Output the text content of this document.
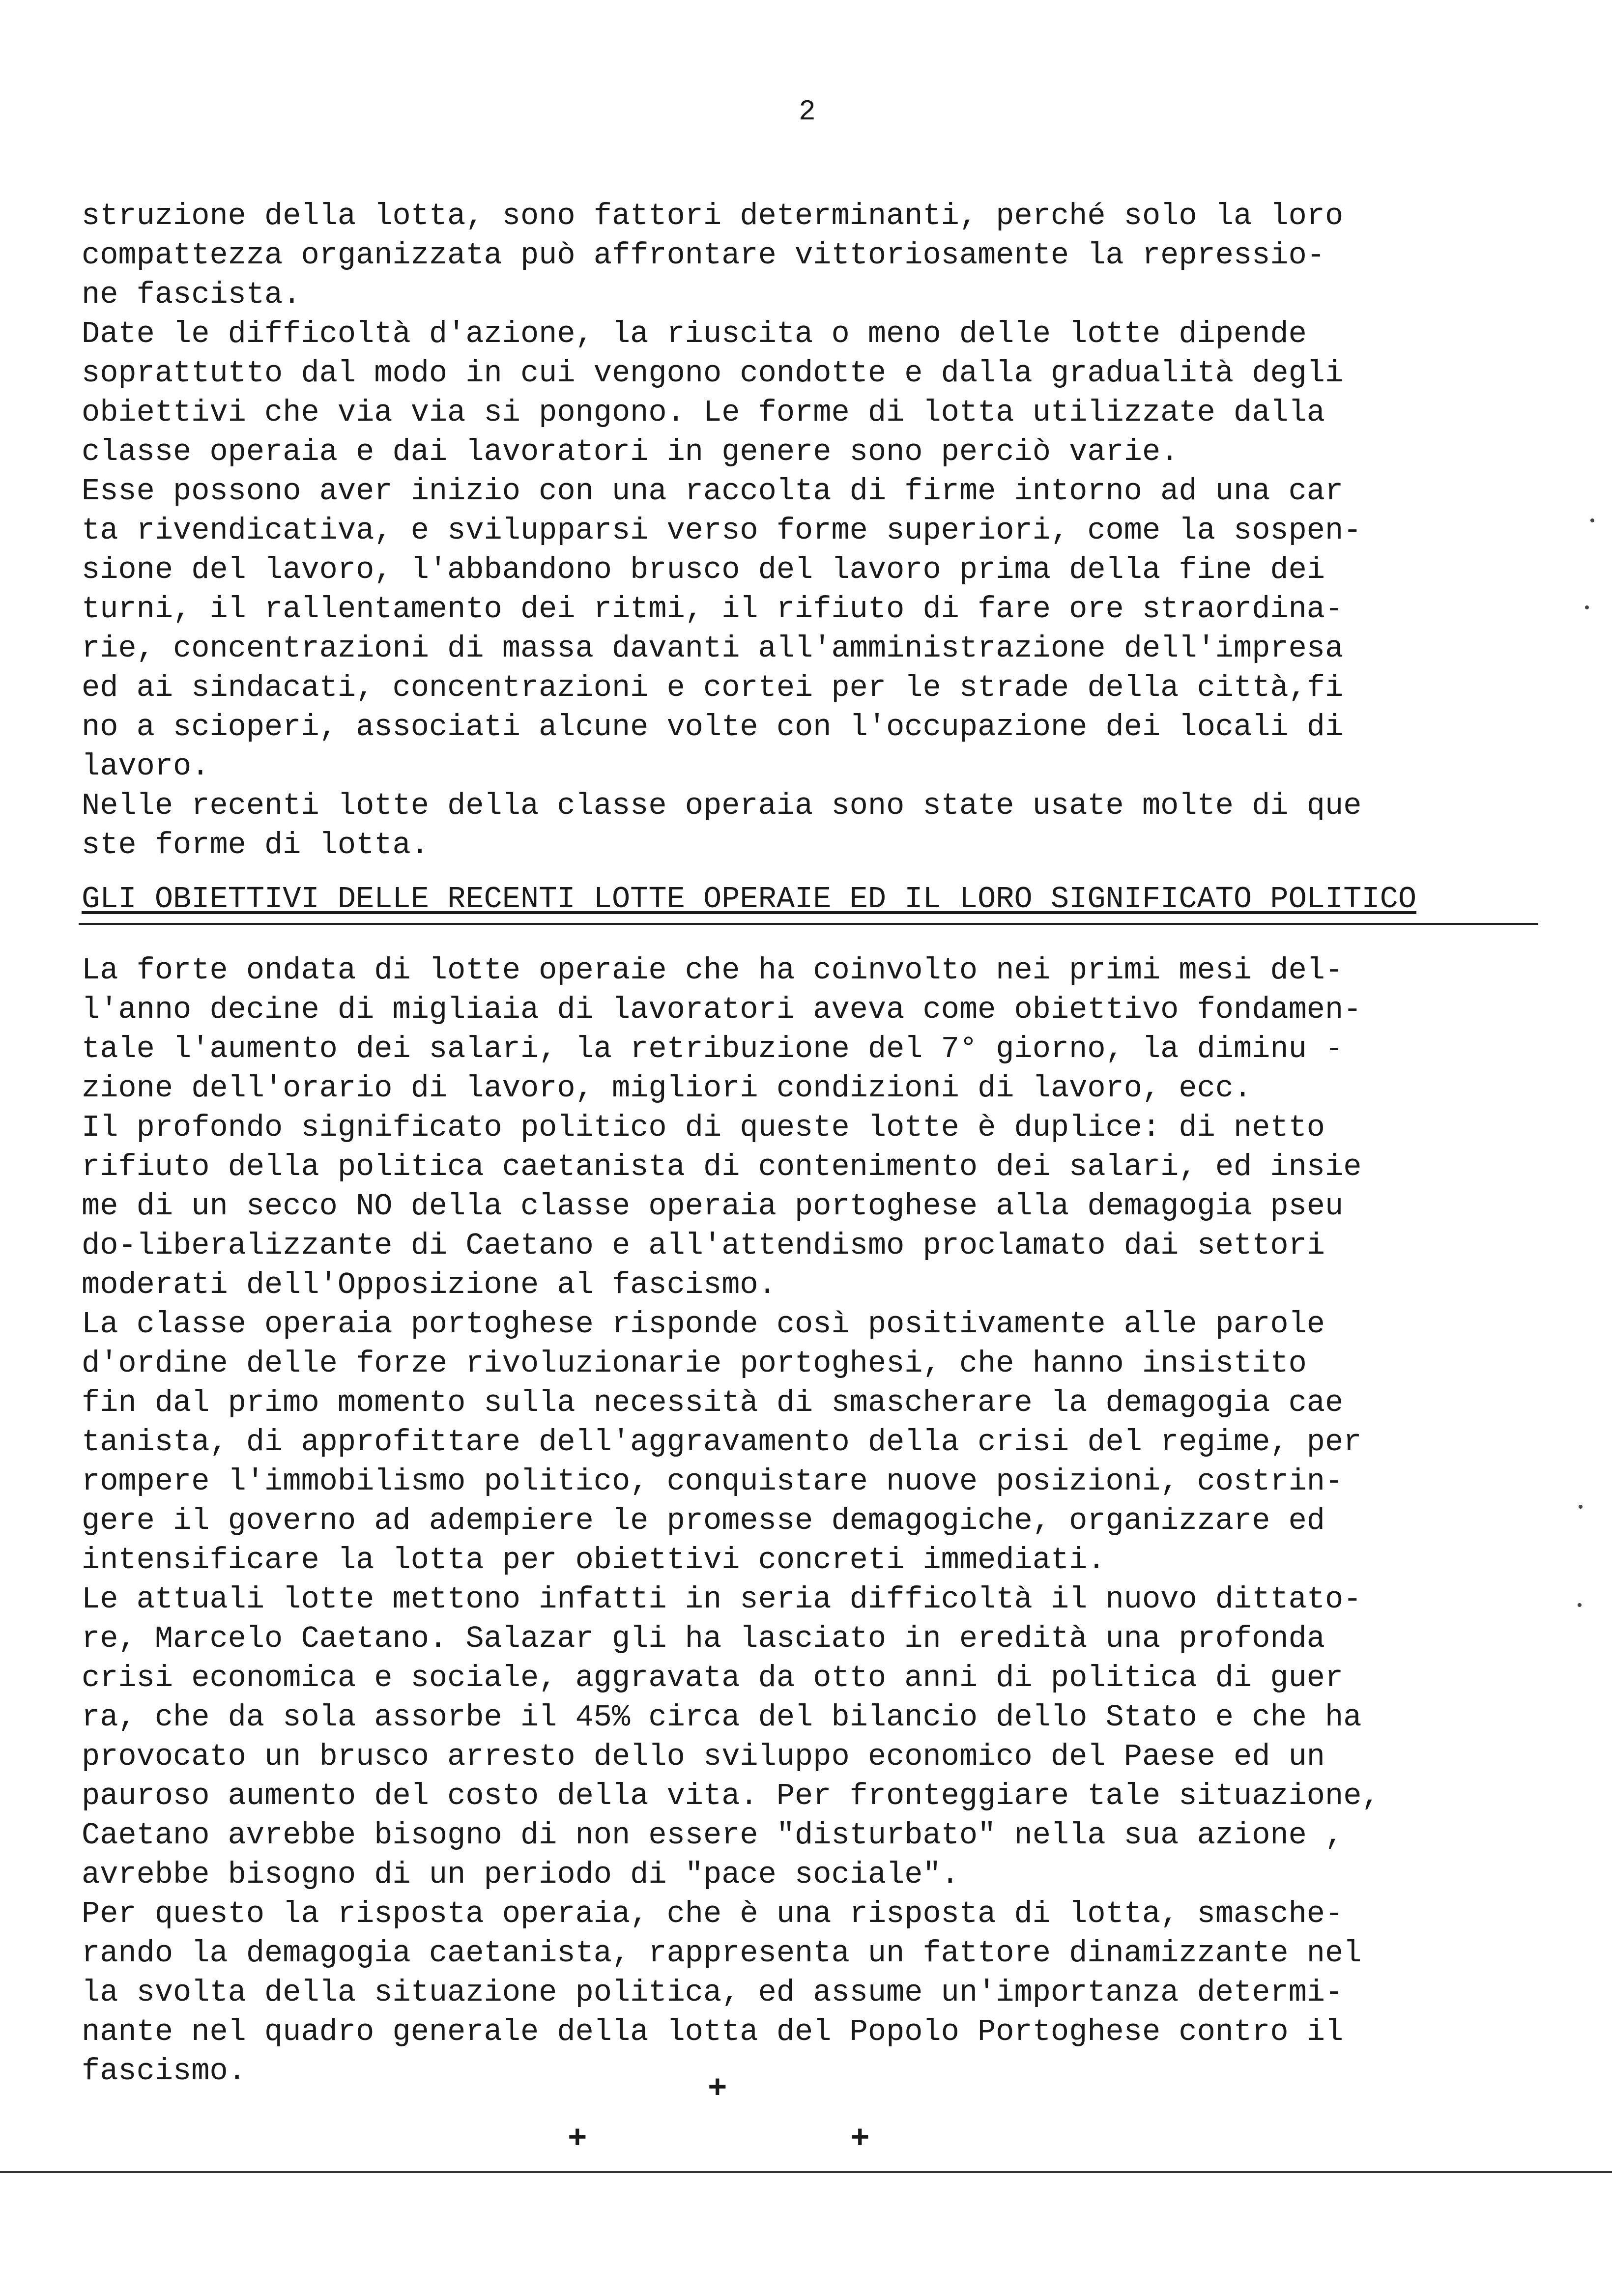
2
struzione della lotta, sono fattori determinanti, perché solo la loro
compattezza organizzata può affrontare vittoriosamente la repressio-
ne fascista.
Date le difficoltà d'azione, la riuscita o meno delle lotte dipende
soprattutto dal modo in cui vengono condotte e dalla gradualità degli
obiettivi che via via si pongono. Le forme di lotta utilizzate dalla
classe operaia e dai lavoratori in genere sono perciò varie.
Esse possono aver inizio con una raccolta di firme intorno ad una car
ta rivendicativa, e svilupparsi verso forme superiori, come la sospen-
sione del lavoro, l'abbandono brusco del lavoro prima della fine dei
turni, il rallentamento dei ritmi, il rifiuto di fare ore straordina-
rie, concentrazioni di massa davanti all'amministrazione dell'impresa
ed ai sindacati, concentrazioni e cortei per le strade della città,fi
no a scioperi, associati alcune volte con l'occupazione dei locali di
lavoro.
Nelle recenti lotte della classe operaia sono state usate molte di que
ste forme di lotta.
GLI OBIETTIVI DELLE RECENTI LOTTE OPERAIE ED IL LORO SIGNIFICATO POLITICO
La forte ondata di lotte operaie che ha coinvolto nei primi mesi del-
l'anno decine di migliaia di lavoratori aveva come obiettivo fondamen-
tale l'aumento dei salari, la retribuzione del 7° giorno, la diminu -
zione dell'orario di lavoro, migliori condizioni di lavoro, ecc.
Il profondo significato politico di queste lotte è duplice: di netto
rifiuto della politica caetanista di contenimento dei salari, ed insie
me di un secco NO della classe operaia portoghese alla demagogia pseu
do-liberalizzante di Caetano e all'attendismo proclamato dai settori
moderati dell'Opposizione al fascismo.
La classe operaia portoghese risponde così positivamente alle parole
d'ordine delle forze rivoluzionarie portoghesi, che hanno insistito
fin dal primo momento sulla necessità di smascherare la demagogia cae
tanista, di approfittare dell'aggravamento della crisi del regime, per
rompere l'immobilismo politico, conquistare nuove posizioni, costrin-
gere il governo ad adempiere le promesse demagogiche, organizzare ed
intensificare la lotta per obiettivi concreti immediati.
Le attuali lotte mettono infatti in seria difficoltà il nuovo dittato-
re, Marcelo Caetano. Salazar gli ha lasciato in eredità una profonda
crisi economica e sociale, aggravata da otto anni di politica di guer
ra, che da sola assorbe il 45% circa del bilancio dello Stato e che ha
provocato un brusco arresto dello sviluppo economico del Paese ed un
pauroso aumento del costo della vita. Per fronteggiare tale situazione,
Caetano avrebbe bisogno di non essere "disturbato" nella sua azione ,
avrebbe bisogno di un periodo di "pace sociale".
Per questo la risposta operaia, che è una risposta di lotta, smasche-
rando la demagogia caetanista, rappresenta un fattore dinamizzante nel
la svolta della situazione politica, ed assume un'importanza determi-
nante nel quadro generale della lotta del Popolo Portoghese contro il
fascismo.	+
+	+
